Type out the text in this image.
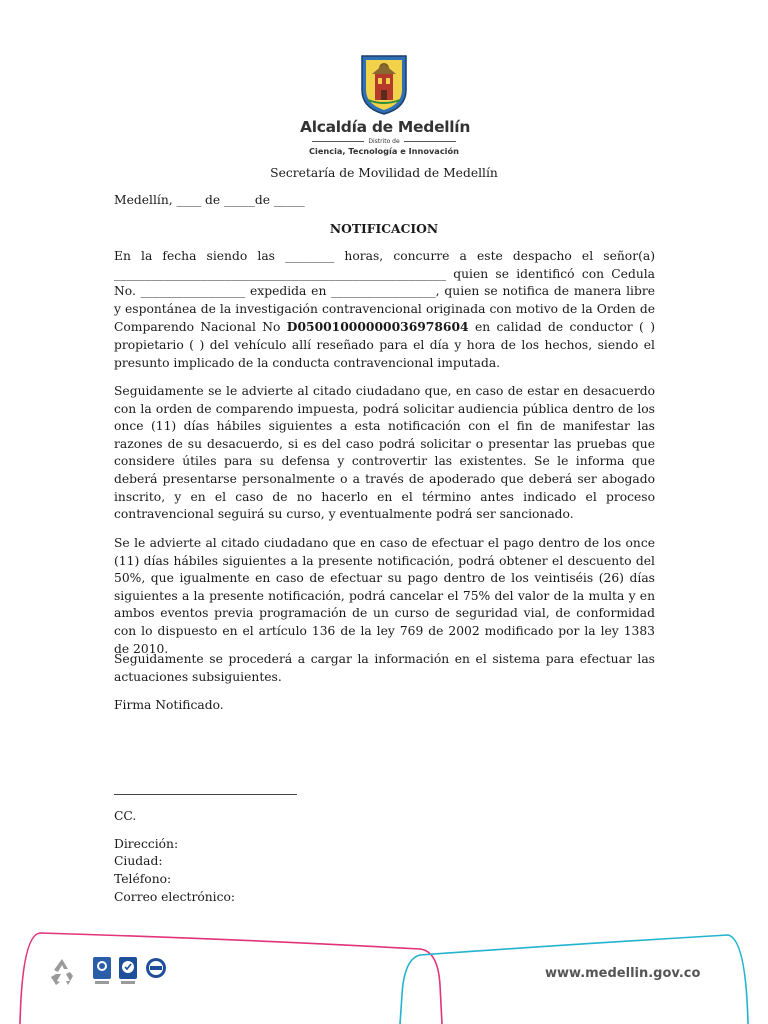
Alcaldía de Medellín
Distrito de
Ciencia, Tecnología e Innovación
Secretaría de Movilidad de Medellín
Medellín, ____ de _____de _____
NOTIFICACION
En la fecha siendo las ________ horas, concurre a este despacho el señor(a) ______________________________________________________ quien se identificó con Cedula No. _________________ expedida en _________________, quien se notifica de manera libre y espontánea de la investigación contravencional originada con motivo de la Orden de Comparendo Nacional No D05001000000036978604 en calidad de conductor ( ) propietario ( ) del vehículo allí reseñado para el día y hora de los hechos, siendo el presunto implicado de la conducta contravencional imputada.
Seguidamente se le advierte al citado ciudadano que, en caso de estar en desacuerdo con la orden de comparendo impuesta, podrá solicitar audiencia pública dentro de los once (11) días hábiles siguientes a esta notificación con el fin de manifestar las razones de su desacuerdo, si es del caso podrá solicitar o presentar las pruebas que considere útiles para su defensa y controvertir las existentes. Se le informa que deberá presentarse personalmente o a través de apoderado que deberá ser abogado inscrito, y en el caso de no hacerlo en el término antes indicado el proceso contravencional seguirá su curso, y eventualmente podrá ser sancionado.
Se le advierte al citado ciudadano que en caso de efectuar el pago dentro de los once (11) días hábiles siguientes a la presente notificación, podrá obtener el descuento del 50%, que igualmente en caso de efectuar su pago dentro de los veintiséis (26) días siguientes a la presente notificación, podrá cancelar el 75% del valor de la multa y en ambos eventos previa programación de un curso de seguridad vial, de conformidad con lo dispuesto en el artículo 136 de la ley 769 de 2002 modificado por la ley 1383 de 2010.
Seguidamente se procederá a cargar la información en el sistema para efectuar las actuaciones subsiguientes.
Firma Notificado.
CC.
Dirección:
Ciudad:
Teléfono:
Correo electrónico:
www.medellin.gov.co
